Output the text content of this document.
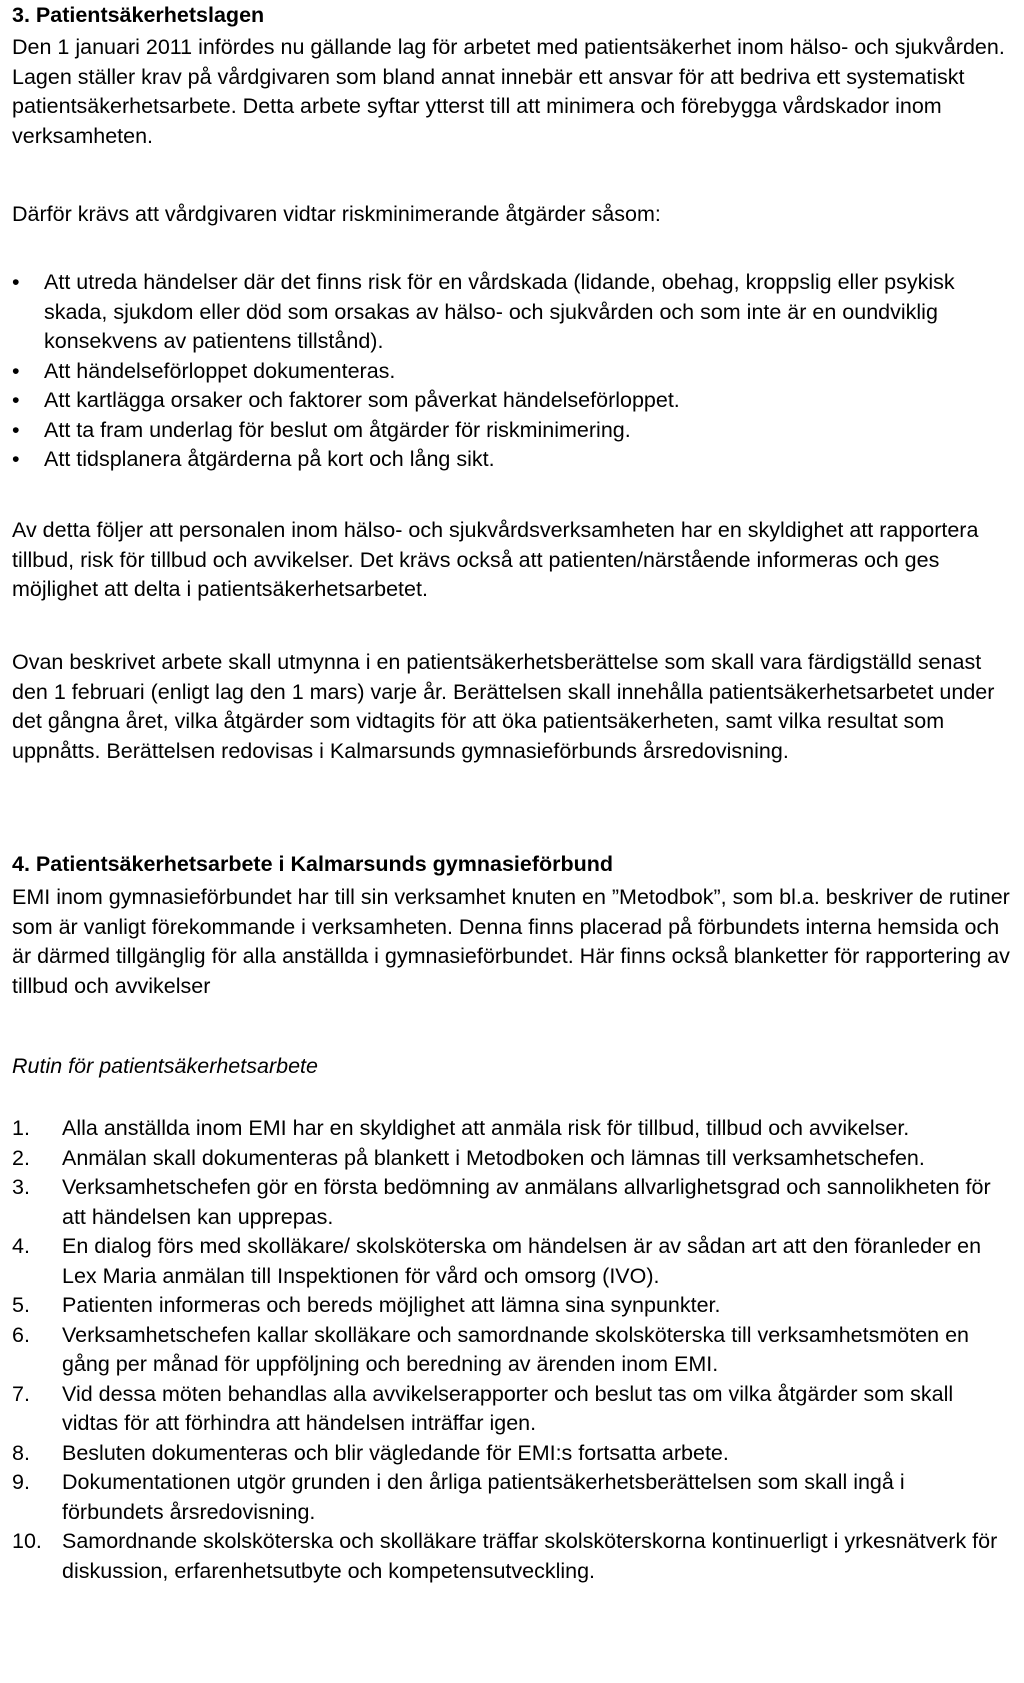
3. Patientsäkerhetslagen

Den 1 januari 2011 infördes nu gällande lag för arbetet med patientsäkerhet inom hälso- och sjukvården. Lagen ställer krav på vårdgivaren som bland annat innebär ett ansvar för att bedriva ett systematiskt patientsäkerhetsarbete. Detta arbete syftar ytterst till att minimera och förebygga vårdskador inom verksamheten.

Därför krävs att vårdgivaren vidtar riskminimerande åtgärder såsom:

•	Att utreda händelser där det finns risk för en vårdskada (lidande, obehag, kroppslig eller psykisk skada, sjukdom eller död som orsakas av hälso- och sjukvården och som inte är en oundviklig konsekvens av patientens tillstånd).
•	Att händelseförloppet dokumenteras.
•	Att kartlägga orsaker och faktorer som påverkat händelseförloppet.
•	Att ta fram underlag för beslut om åtgärder för riskminimering.
•	Att tidsplanera åtgärderna på kort och lång sikt.

Av detta följer att personalen inom hälso- och sjukvårdsverksamheten har en skyldighet att rapportera tillbud, risk för tillbud och avvikelser. Det krävs också att patienten/närstående informeras och ges möjlighet att delta i patientsäkerhetsarbetet.

Ovan beskrivet arbete skall utmynna i en patientsäkerhetsberättelse som skall vara färdigställd senast den 1 februari (enligt lag den 1 mars) varje år. Berättelsen skall innehålla patientsäkerhetsarbetet under det gångna året, vilka åtgärder som vidtagits för att öka patientsäkerheten, samt vilka resultat som uppnåtts. Berättelsen redovisas i Kalmarsunds gymnasieförbunds årsredovisning.

4. Patientsäkerhetsarbete i Kalmarsunds gymnasieförbund

EMI inom gymnasieförbundet har till sin verksamhet knuten en ”Metodbok”, som bl.a. beskriver de rutiner som är vanligt förekommande i verksamheten. Denna finns placerad på förbundets interna hemsida och är därmed tillgänglig för alla anställda i gymnasieförbundet. Här finns också blanketter för rapportering av tillbud och avvikelser

Rutin för patientsäkerhetsarbete
1.	Alla anställda inom EMI har en skyldighet att anmäla risk för tillbud, tillbud och avvikelser.
2.	Anmälan skall dokumenteras på blankett i Metodboken och lämnas till verksamhetschefen.
3.	Verksamhetschefen gör en första bedömning av anmälans allvarlighetsgrad och sannolikheten för att händelsen kan upprepas.
4.	En dialog förs med skolläkare/ skolsköterska om händelsen är av sådan art att den föranleder en Lex Maria anmälan till Inspektionen för vård och omsorg (IVO).
5.	Patienten informeras och bereds möjlighet att lämna sina synpunkter.
6.	Verksamhetschefen kallar skolläkare och samordnande skolsköterska till verksamhetsmöten en gång per månad för uppföljning och beredning av ärenden inom EMI.
7.	Vid dessa möten behandlas alla avvikelserapporter och beslut tas om vilka åtgärder som skall vidtas för att förhindra att händelsen inträffar igen.
8.	Besluten dokumenteras och blir vägledande för EMI:s fortsatta arbete.
9.	Dokumentationen utgör grunden i den årliga patientsäkerhetsberättelsen som skall ingå i förbundets årsredovisning.
10. Samordnande skolsköterska och skolläkare träffar skolsköterskorna kontinuerligt i yrkesnätverk för diskussion, erfarenhetsutbyte och kompetensutveckling.
